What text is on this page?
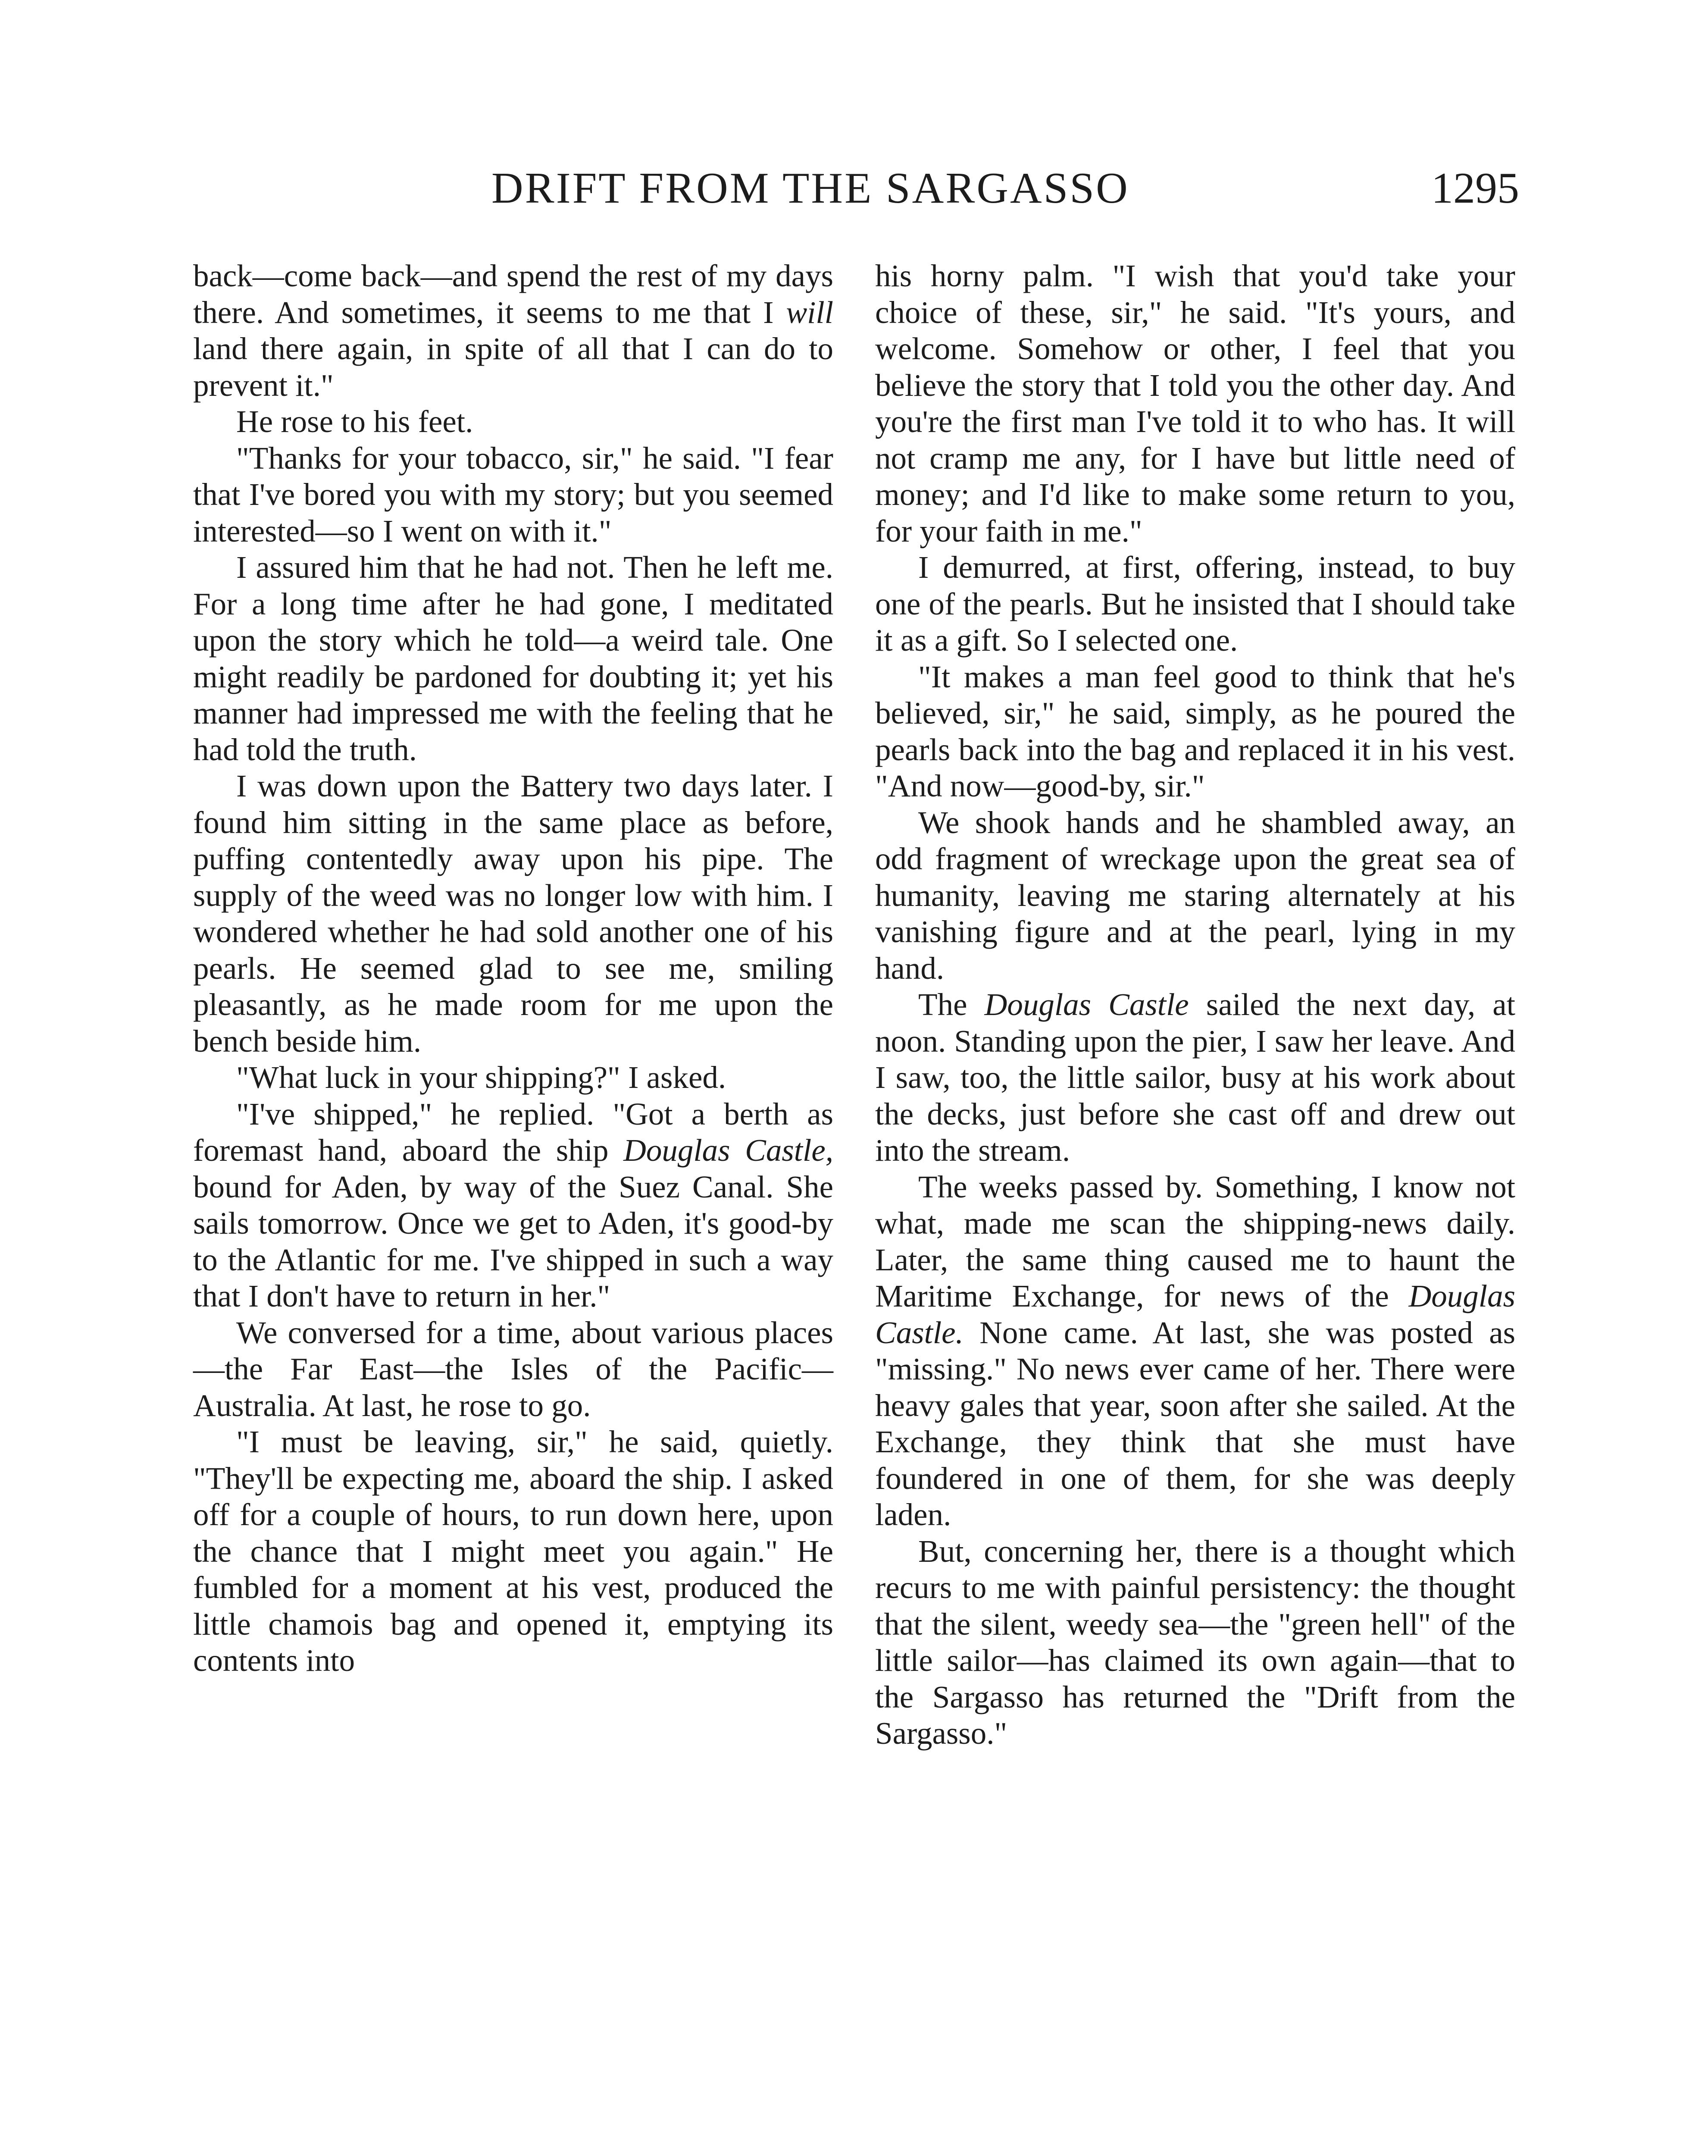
DRIFT FROM THE SARGASSO	1295

back—come back—and spend the rest of my days there. And sometimes, it seems to me that I will land there again, in spite of all that I can do to prevent it."

He rose to his feet.

"Thanks for your tobacco, sir," he said. "I fear that I've bored you with my story; but you seemed interested—so I went on with it."

I assured him that he had not. Then he left me. For a long time after he had gone, I meditated upon the story which he told—a weird tale. One might readily be pardoned for doubting it; yet his manner had impressed me with the feeling that he had told the truth.

I was down upon the Battery two days later. I found him sitting in the same place as before, puffing contentedly away upon his pipe. The supply of the weed was no longer low with him. I wondered whether he had sold another one of his pearls. He seemed glad to see me, smiling pleasantly, as he made room for me upon the bench beside him.

"What luck in your shipping?" I asked.

"I've shipped," he replied. "Got a berth as foremast hand, aboard the ship Douglas Castle, bound for Aden, by way of the Suez Canal. She sails tomorrow. Once we get to Aden, it's good-by to the Atlantic for me. I've shipped in such a way that I don't have to return in her."

We conversed for a time, about various places—the Far East—the Isles of the Pacific—Australia. At last, he rose to go.

"I must be leaving, sir," he said, quietly. "They'll be expecting me, aboard the ship. I asked off for a couple of hours, to run down here, upon the chance that I might meet you again." He fumbled for a moment at his vest, produced the little chamois bag and opened it, emptying its contents into

his horny palm. "I wish that you'd take your choice of these, sir," he said. "It's yours, and welcome. Somehow or other, I feel that you believe the story that I told you the other day. And you're the first man I've told it to who has. It will not cramp me any, for I have but little need of money; and I'd like to make some return to you, for your faith in me."

I demurred, at first, offering, instead, to buy one of the pearls. But he insisted that I should take it as a gift. So I selected one.

"It makes a man feel good to think that he's believed, sir," he said, simply, as he poured the pearls back into the bag and replaced it in his vest. "And now—good-by, sir."

We shook hands and he shambled away, an odd fragment of wreckage upon the great sea of humanity, leaving me staring alternately at his vanishing figure and at the pearl, lying in my hand.

The Douglas Castle sailed the next day, at noon. Standing upon the pier, I saw her leave. And I saw, too, the little sailor, busy at his work about the decks, just before she cast off and drew out into the stream.

The weeks passed by. Something, I know not what, made me scan the shipping-news daily. Later, the same thing caused me to haunt the Maritime Exchange, for news of the Douglas Castle. None came. At last, she was posted as "missing." No news ever came of her. There were heavy gales that year, soon after she sailed. At the Exchange, they think that she must have foundered in one of them, for she was deeply laden.

But, concerning her, there is a thought which recurs to me with painful persistency: the thought that the silent, weedy sea—the "green hell" of the little sailor—has claimed its own again—that to the Sargasso has returned the "Drift from the Sargasso."
